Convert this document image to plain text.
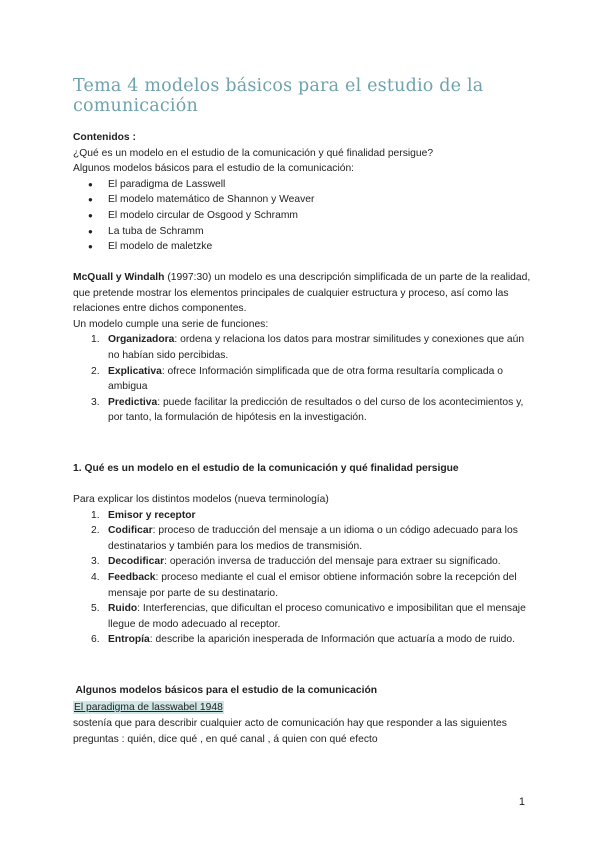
Tema 4 modelos básicos para el estudio de la comunicación
Contenidos :
¿Qué es un modelo en el estudio de la comunicación y qué finalidad persigue?
Algunos modelos básicos para el estudio de la comunicación:
● El paradigma de Lasswell
● El modelo matemático de Shannon y Weaver
● El modelo circular de Osgood y Schramm
● La tuba de Schramm
● El modelo de maletzke
McQuall y Windalh (1997:30) un modelo es una descripción simplificada de un parte de la realidad, que pretende mostrar los elementos principales de cualquier estructura y proceso, así como las relaciones entre dichos componentes.
Un modelo cumple una serie de funciones:
1. Organizadora: ordena y relaciona los datos para mostrar similitudes y conexiones que aún no habían sido percibidas.
2. Explicativa: ofrece Información simplificada que de otra forma resultaría complicada o ambigua
3. Predictiva: puede facilitar la predicción de resultados o del curso de los acontecimientos y, por tanto, la formulación de hipótesis en la investigación.
1. Qué es un modelo en el estudio de la comunicación y qué finalidad persigue
Para explicar los distintos modelos (nueva terminología)
1. Emisor y receptor
2. Codificar: proceso de traducción del mensaje a un idioma o un código adecuado para los destinatarios y también para los medios de transmisión.
3. Decodificar: operación inversa de traducción del mensaje para extraer su significado.
4. Feedback: proceso mediante el cual el emisor obtiene información sobre la recepción del mensaje por parte de su destinatario.
5. Ruido: Interferencias, que dificultan el proceso comunicativo e imposibilitan que el mensaje llegue de modo adecuado al receptor.
6. Entropía: describe la aparición inesperada de Información que actuaría a modo de ruido.
Algunos modelos básicos para el estudio de la comunicación
El paradigma de lasswabel 1948
sostenía que para describir cualquier acto de comunicación hay que responder a las siguientes preguntas : quién, dice qué , en qué canal , á quien con qué efecto
1
